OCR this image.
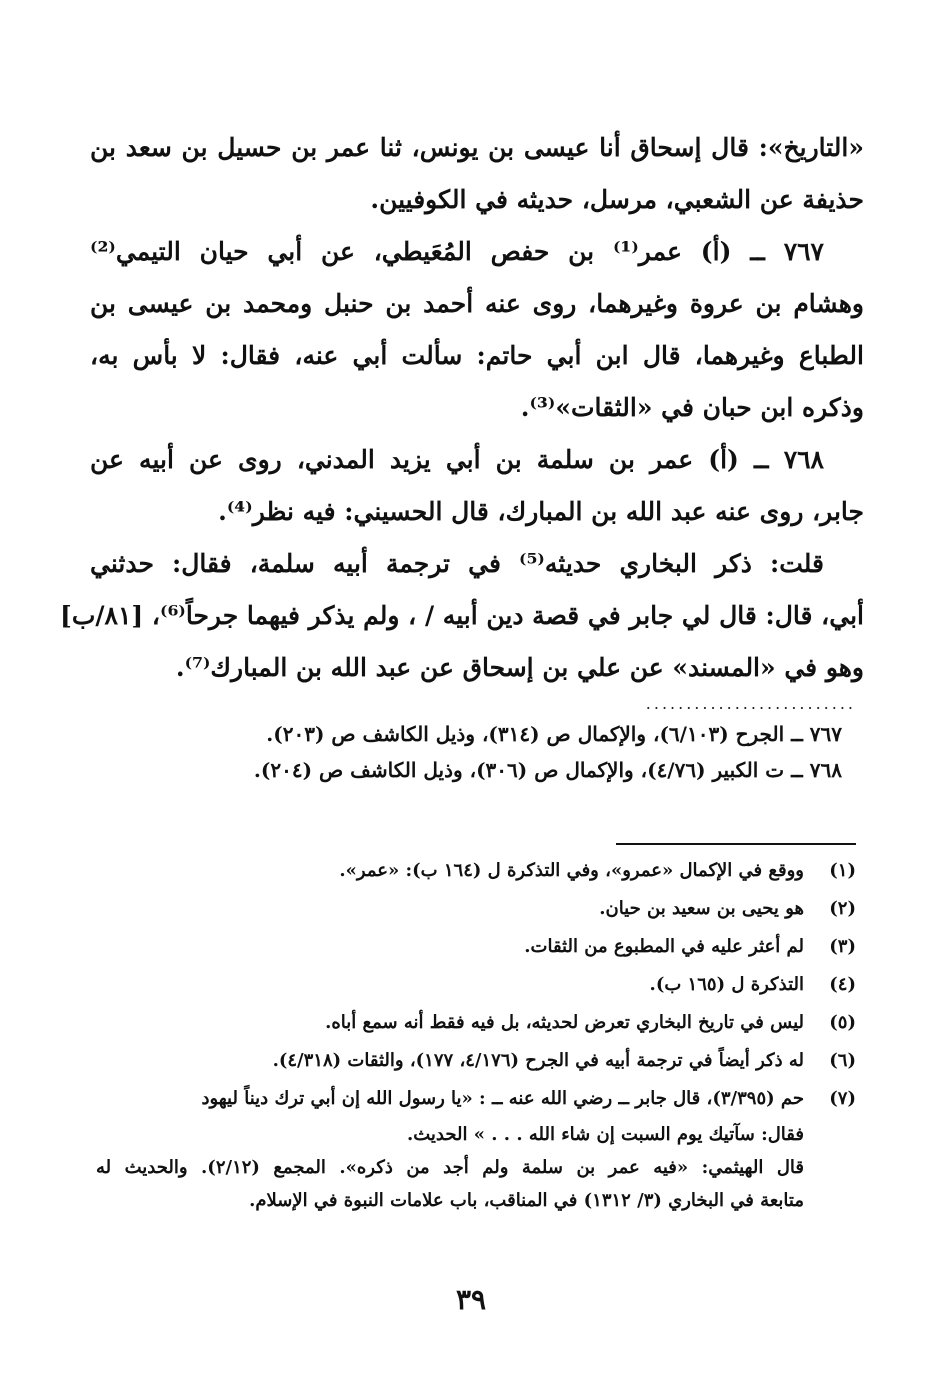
«التاريخ»: قال إسحاق أنا عيسى بن يونس، ثنا عمر بن حسيل بن سعد بن
حذيفة عن الشعبي، مرسل، حديثه في الكوفيين.
٧٦٧ ــ (أ) عمر⁽¹⁾ بن حفص المُعَيطي، عن أبي حيان التيمي⁽²⁾
وهشام بن عروة وغيرهما، روى عنه أحمد بن حنبل ومحمد بن عيسى بن
الطباع وغيرهما، قال ابن أبي حاتم: سألت أبي عنه، فقال: لا بأس به،
وذكره ابن حبان في «الثقات»⁽³⁾.
٧٦٨ ــ (أ) عمر بن سلمة بن أبي يزيد المدني، روى عن أبيه عن
جابر، روى عنه عبد الله بن المبارك، قال الحسيني: فيه نظر⁽⁴⁾.
قلت: ذكر البخاري حديثه⁽⁵⁾ في ترجمة أبيه سلمة، فقال: حدثني
أبي، قال: قال لي جابر في قصة دين أبيه / ، ولم يذكر فيهما جرحاً⁽⁶⁾، [٨١/ب]
وهو في «المسند» عن علي بن إسحاق عن عبد الله بن المبارك⁽⁷⁾.
..........................
٧٦٧ ــ الجرح (٦/١٠٣)، والإكمال ص (٣١٤)، وذيل الكاشف ص (٢٠٣).
٧٦٨ ــ ت الكبير (٤/٧٦)، والإكمال ص (٣٠٦)، وذيل الكاشف ص (٢٠٤).
(١)ووقع في الإكمال «عمرو»، وفي التذكرة ل (١٦٤ ب): «عمر».
(٢)هو يحيى بن سعيد بن حيان.
(٣)لم أعثر عليه في المطبوع من الثقات.
(٤)التذكرة ل (١٦٥ ب).
(٥)ليس في تاريخ البخاري تعرض لحديثه، بل فيه فقط أنه سمع أباه.
(٦)له ذكر أيضاً في ترجمة أبيه في الجرح (٤/١٧٦، ١٧٧)، والثقات (٤/٣١٨).
(٧)حم (٣/٣٩٥)، قال جابر ــ رضي الله عنه ــ : «يا رسول الله إن أبي ترك ديناً ليهود
فقال: سآتيك يوم السبت إن شاء الله . . . » الحديث.
قال الهيثمي: «فيه عمر بن سلمة ولم أجد من ذكره». المجمع (٢/١٢). والحديث له
متابعة في البخاري (٣/ ١٣١٢) في المناقب، باب علامات النبوة في الإسلام.
٣٩
